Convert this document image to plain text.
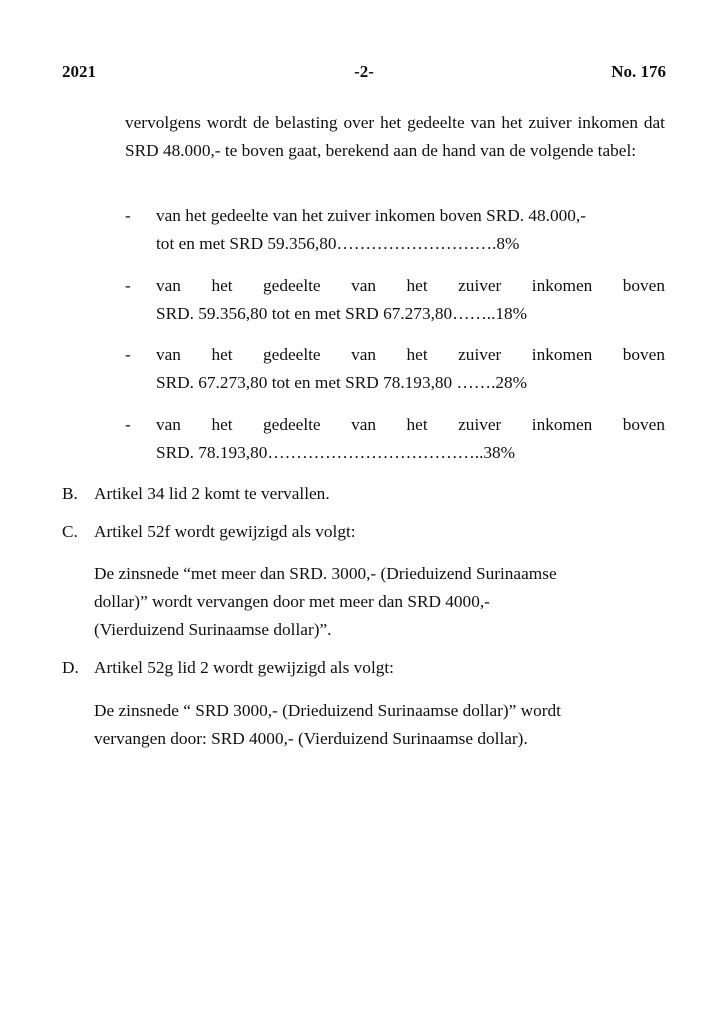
2021	-2-	No. 176
vervolgens wordt de belasting over het gedeelte van het zuiver inkomen dat SRD 48.000,- te boven gaat, berekend aan de hand van de volgende tabel:
- van het gedeelte van het zuiver inkomen boven SRD. 48.000,-
tot en met SRD 59.356,80……………………….8%
- van het gedeelte van het zuiver inkomen boven
SRD. 59.356,80 tot en met SRD 67.273,80……..18%
- van het gedeelte van het zuiver inkomen boven
SRD. 67.273,80 tot en met SRD 78.193,80 …….28%
- van het gedeelte van het zuiver inkomen boven
SRD. 78.193,80………………………………..38%
B. Artikel 34 lid 2 komt te vervallen.
C. Artikel 52f wordt gewijzigd als volgt:
De zinsnede “met meer dan SRD. 3000,- (Drieduizend Surinaamse
dollar)” wordt vervangen door met meer dan SRD 4000,-
(Vierduizend Surinaamse dollar)”.
D. Artikel 52g lid 2 wordt gewijzigd als volgt:
De zinsnede “ SRD 3000,- (Drieduizend Surinaamse dollar)” wordt
vervangen door: SRD 4000,- (Vierduizend Surinaamse dollar).
